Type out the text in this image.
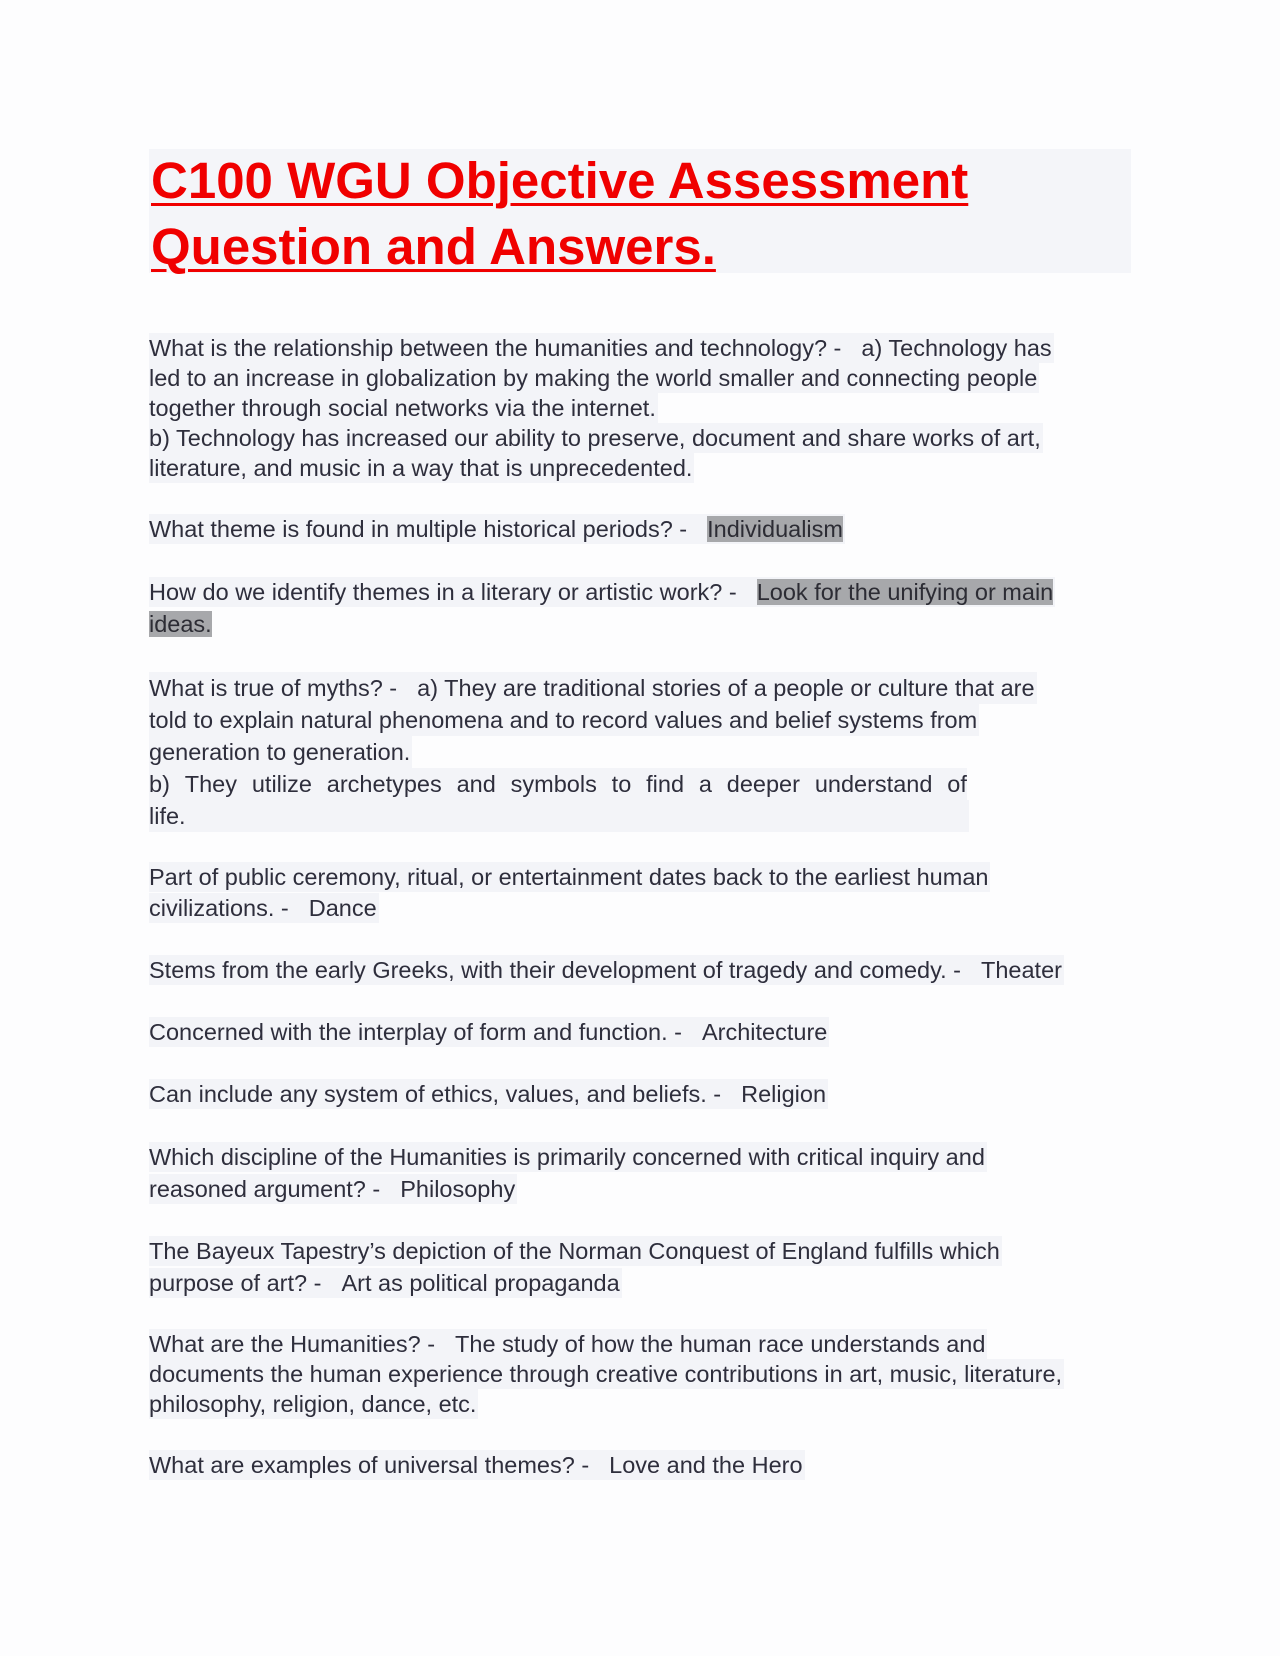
C100 WGU Objective Assessment
Question and Answers.
What is the relationship between the humanities and technology? - a) Technology has
led to an increase in globalization by making the world smaller and connecting people
together through social networks via the internet.
b) Technology has increased our ability to preserve, document and share works of art,
literature, and music in a way that is unprecedented.
What theme is found in multiple historical periods? - Individualism
How do we identify themes in a literary or artistic work? - Look for the unifying or main
ideas.
What is true of myths? - a) They are traditional stories of a people or culture that are
told to explain natural phenomena and to record values and belief systems from
generation to generation.
b) They utilize archetypes and symbols to find a deeper understand of
life.
Part of public ceremony, ritual, or entertainment dates back to the earliest human
civilizations. - Dance
Stems from the early Greeks, with their development of tragedy and comedy. - Theater
Concerned with the interplay of form and function. - Architecture
Can include any system of ethics, values, and beliefs. - Religion
Which discipline of the Humanities is primarily concerned with critical inquiry and
reasoned argument? - Philosophy
The Bayeux Tapestry’s depiction of the Norman Conquest of England fulfills which
purpose of art? - Art as political propaganda
What are the Humanities? - The study of how the human race understands and
documents the human experience through creative contributions in art, music, literature,
philosophy, religion, dance, etc.
What are examples of universal themes? - Love and the Hero
